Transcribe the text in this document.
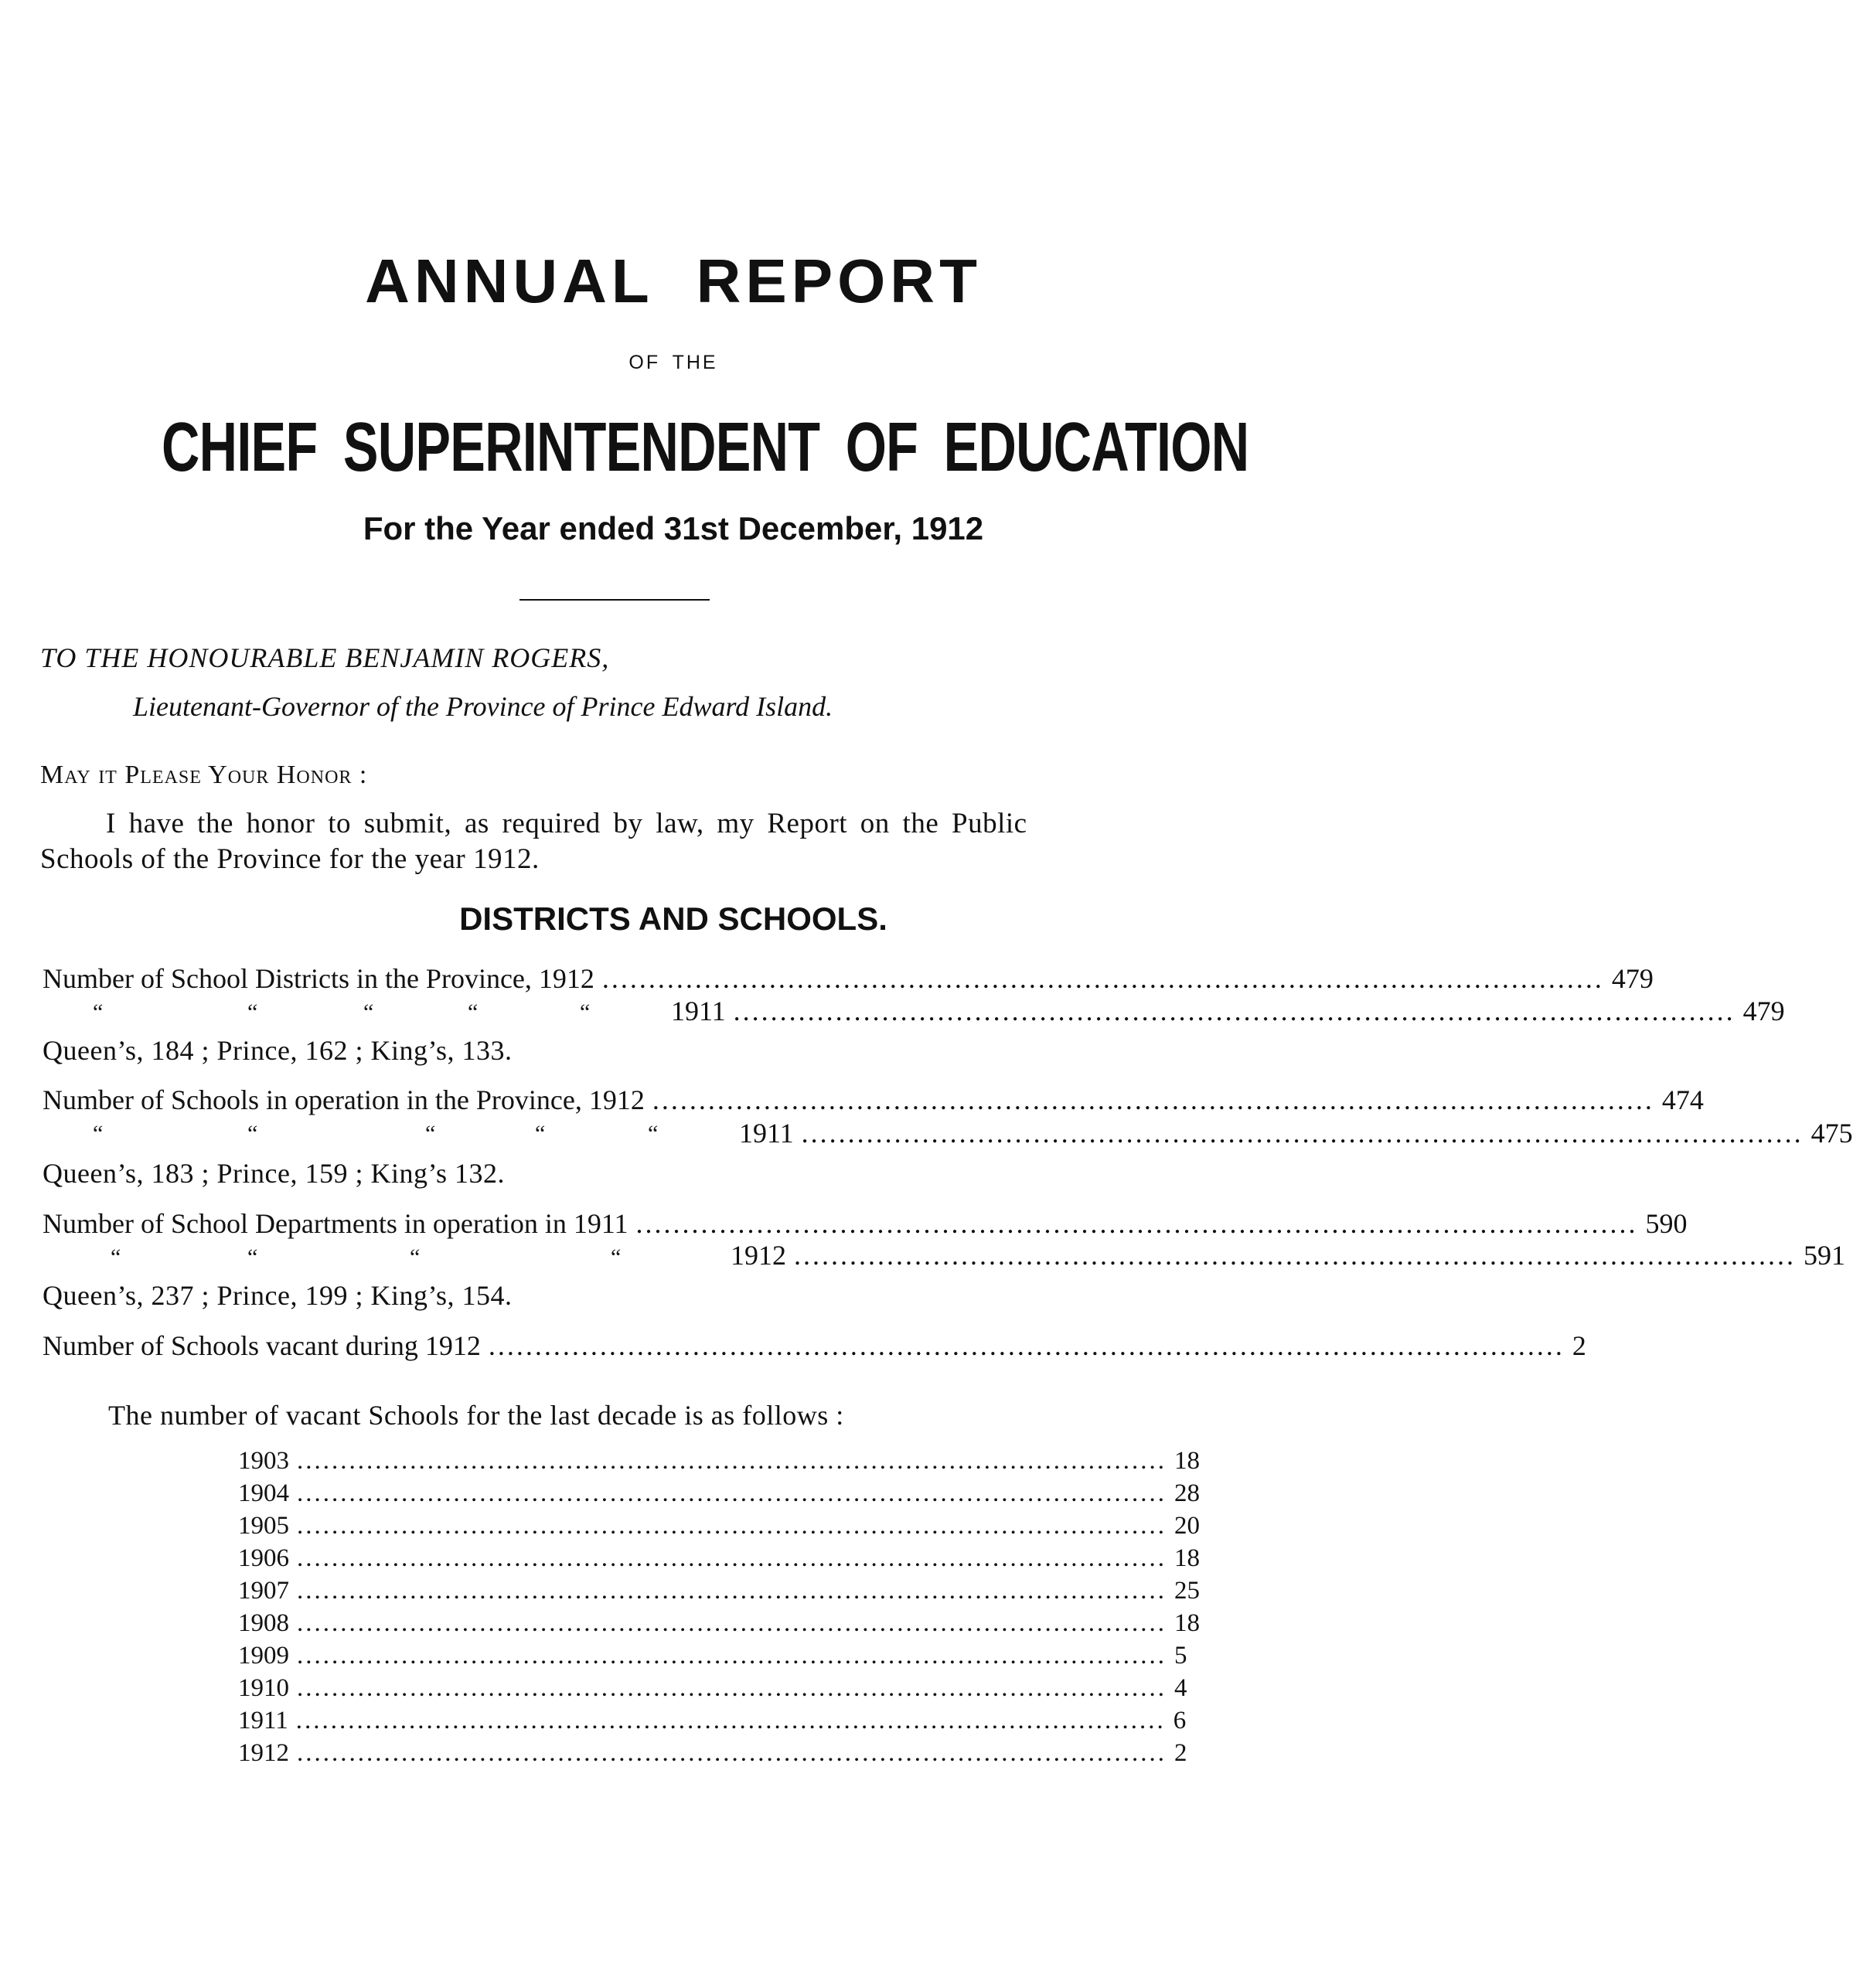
ANNUAL REPORT
OF THE
CHIEF SUPERINTENDENT OF EDUCATION
For the Year ended 31st December, 1912
TO THE HONOURABLE BENJAMIN ROGERS,
Lieutenant-Governor of the Province of Prince Edward Island.
May it Please Your Honor :
I have the honor to submit, as required by law, my Report on the Public
Schools of the Province for the year 1912.
DISTRICTS AND SCHOOLS.
Number of School Districts in the Province, 1912 ............................................................................................................ 479
“	“	“	“	“	1911 ............................................................................................................ 479
Queen’s, 184 ; Prince, 162 ; King’s, 133.
Number of Schools in operation in the Province, 1912 ............................................................................................................ 474
“	“	“	“	“	1911 ............................................................................................................ 475
Queen’s, 183 ; Prince, 159 ; King’s 132.
Number of School Departments in operation in 1911 ............................................................................................................ 590
“	“	“	“	1912 ............................................................................................................ 591
Queen’s, 237 ; Prince, 199 ; King’s, 154.
Number of Schools vacant during 1912 .................................................................................................................... 2
The number of vacant Schools for the last decade is as follows :
1903 .................................................................................................... 18
1904 .................................................................................................... 28
1905 .................................................................................................... 20
1906 .................................................................................................... 18
1907 .................................................................................................... 25
1908 .................................................................................................... 18
1909 .................................................................................................... 5
1910 .................................................................................................... 4
1911 .................................................................................................... 6
1912 .................................................................................................... 2
